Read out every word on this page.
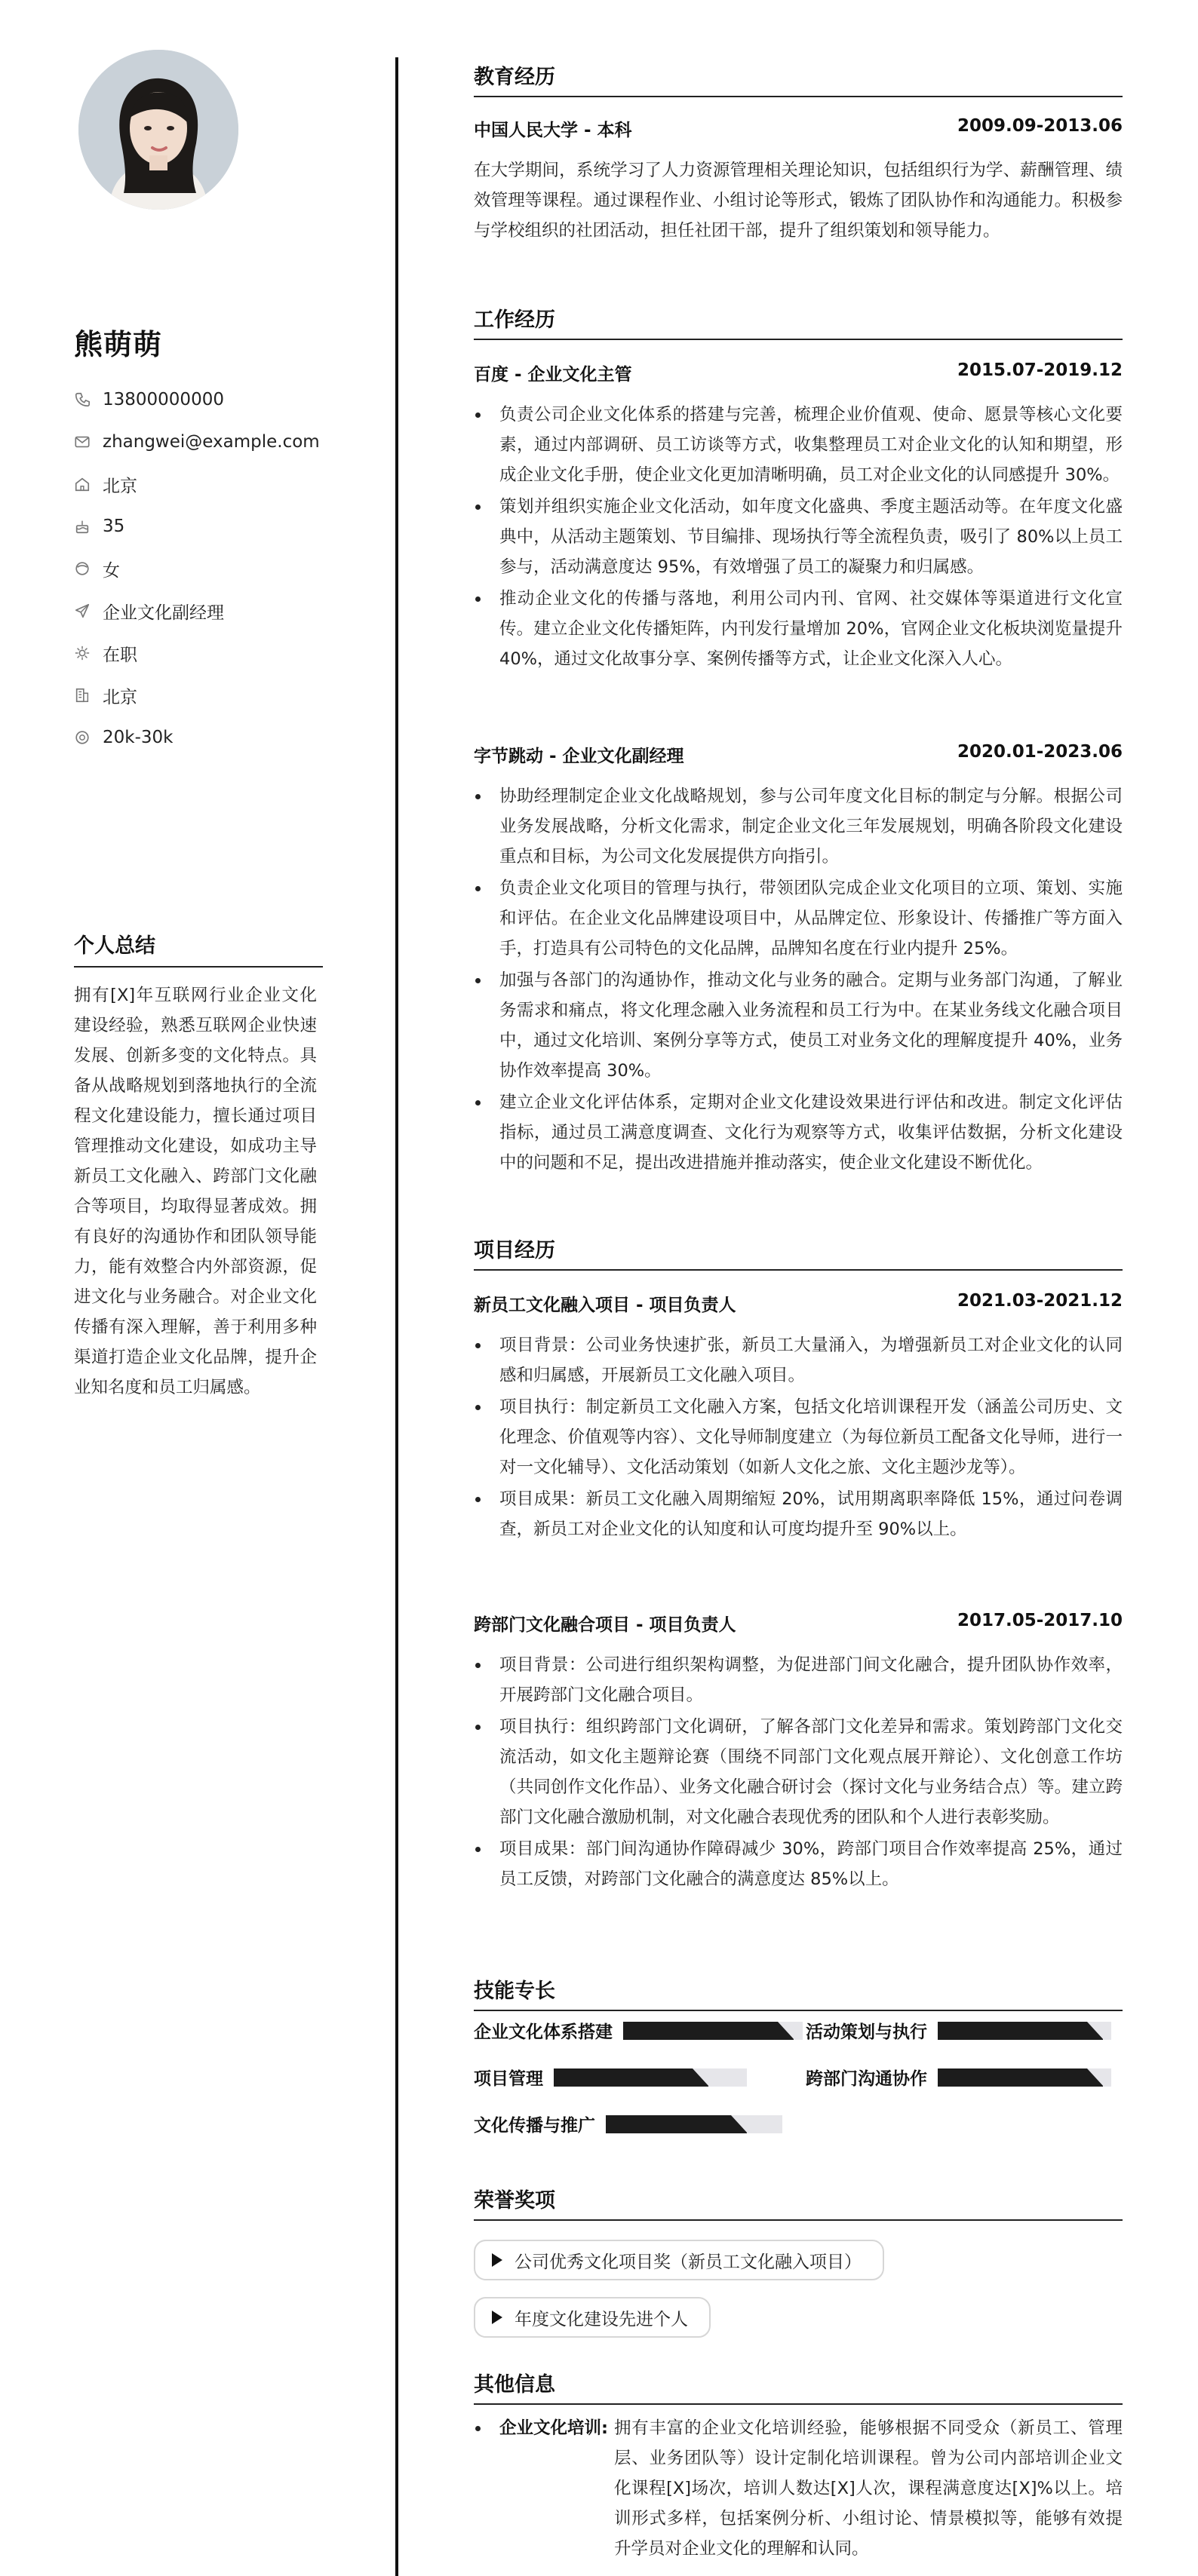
熊萌萌
13800000000
zhangwei@example.com
北京
35
女
企业文化副经理
在职
北京
20k-30k
个人总结
拥有[X]年互联网行业企业文化建设经验，熟悉互联网企业快速发展、创新多变的文化特点。具备从战略规划到落地执行的全流程文化建设能力，擅长通过项目管理推动文化建设，如成功主导新员工文化融入、跨部门文化融合等项目，均取得显著成效。拥有良好的沟通协作和团队领导能力，能有效整合内外部资源，促进文化与业务融合。对企业文化传播有深入理解，善于利用多种渠道打造企业文化品牌，提升企业知名度和员工归属感。
教育经历
中国人民大学 - 本科	2009.09-2013.06
在大学期间，系统学习了人力资源管理相关理论知识，包括组织行为学、薪酬管理、绩效管理等课程。通过课程作业、小组讨论等形式，锻炼了团队协作和沟通能力。积极参与学校组织的社团活动，担任社团干部，提升了组织策划和领导能力。
工作经历
百度 - 企业文化主管	2015.07-2019.12
负责公司企业文化体系的搭建与完善，梳理企业价值观、使命、愿景等核心文化要素，通过内部调研、员工访谈等方式，收集整理员工对企业文化的认知和期望，形成企业文化手册，使企业文化更加清晰明确，员工对企业文化的认同感提升 30%。
策划并组织实施企业文化活动，如年度文化盛典、季度主题活动等。在年度文化盛典中，从活动主题策划、节目编排、现场执行等全流程负责，吸引了 80%以上员工参与，活动满意度达 95%，有效增强了员工的凝聚力和归属感。
推动企业文化的传播与落地，利用公司内刊、官网、社交媒体等渠道进行文化宣传。建立企业文化传播矩阵，内刊发行量增加 20%，官网企业文化板块浏览量提升 40%，通过文化故事分享、案例传播等方式，让企业文化深入人心。
字节跳动 - 企业文化副经理	2020.01-2023.06
协助经理制定企业文化战略规划，参与公司年度文化目标的制定与分解。根据公司业务发展战略，分析文化需求，制定企业文化三年发展规划，明确各阶段文化建设重点和目标，为公司文化发展提供方向指引。
负责企业文化项目的管理与执行，带领团队完成企业文化项目的立项、策划、实施和评估。在企业文化品牌建设项目中，从品牌定位、形象设计、传播推广等方面入手，打造具有公司特色的文化品牌，品牌知名度在行业内提升 25%。
加强与各部门的沟通协作，推动文化与业务的融合。定期与业务部门沟通，了解业务需求和痛点，将文化理念融入业务流程和员工行为中。在某业务线文化融合项目中，通过文化培训、案例分享等方式，使员工对业务文化的理解度提升 40%，业务协作效率提高 30%。
建立企业文化评估体系，定期对企业文化建设效果进行评估和改进。制定文化评估指标，通过员工满意度调查、文化行为观察等方式，收集评估数据，分析文化建设中的问题和不足，提出改进措施并推动落实，使企业文化建设不断优化。
项目经历
新员工文化融入项目 - 项目负责人	2021.03-2021.12
项目背景：公司业务快速扩张，新员工大量涌入，为增强新员工对企业文化的认同感和归属感，开展新员工文化融入项目。
项目执行：制定新员工文化融入方案，包括文化培训课程开发（涵盖公司历史、文化理念、价值观等内容）、文化导师制度建立（为每位新员工配备文化导师，进行一对一文化辅导）、文化活动策划（如新人文化之旅、文化主题沙龙等）。
项目成果：新员工文化融入周期缩短 20%，试用期离职率降低 15%，通过问卷调查，新员工对企业文化的认知度和认可度均提升至 90%以上。
跨部门文化融合项目 - 项目负责人	2017.05-2017.10
项目背景：公司进行组织架构调整，为促进部门间文化融合，提升团队协作效率，开展跨部门文化融合项目。
项目执行：组织跨部门文化调研，了解各部门文化差异和需求。策划跨部门文化交流活动，如文化主题辩论赛（围绕不同部门文化观点展开辩论）、文化创意工作坊（共同创作文化作品）、业务文化融合研讨会（探讨文化与业务结合点）等。建立跨部门文化融合激励机制，对文化融合表现优秀的团队和个人进行表彰奖励。
项目成果：部门间沟通协作障碍减少 30%，跨部门项目合作效率提高 25%，通过员工反馈，对跨部门文化融合的满意度达 85%以上。
技能专长
企业文化体系搭建	活动策划与执行
项目管理	跨部门沟通协作
文化传播与推广
荣誉奖项
公司优秀文化项目奖（新员工文化融入项目）
年度文化建设先进个人
其他信息
企业文化培训: 拥有丰富的企业文化培训经验，能够根据不同受众（新员工、管理层、业务团队等）设计定制化培训课程。曾为公司内部培训企业文化课程[X]场次，培训人数达[X]人次，课程满意度达[X]%以上。培训形式多样，包括案例分析、小组讨论、情景模拟等，能够有效提升学员对企业文化的理解和认同。
